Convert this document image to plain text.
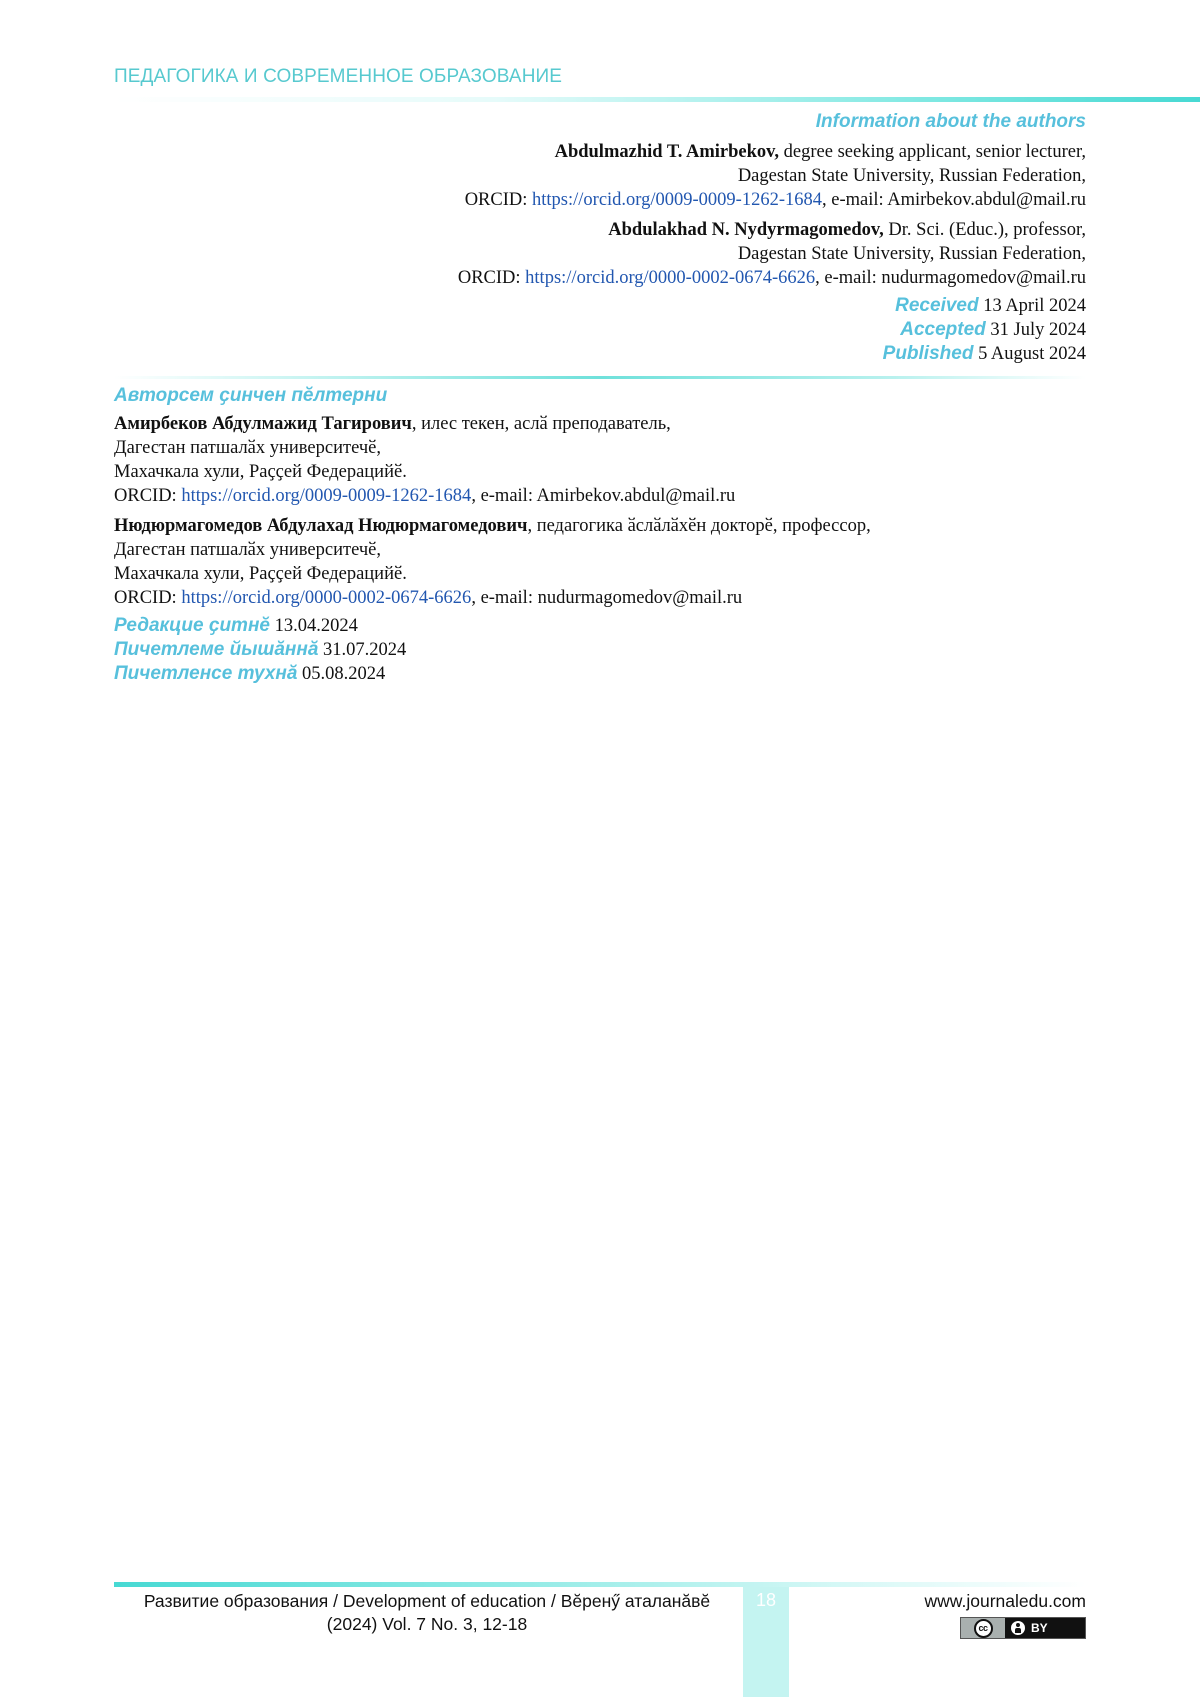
ПЕДАГОГИКА И СОВРЕМЕННОЕ ОБРАЗОВАНИЕ
Information about the authors
Abdulmazhid T. Amirbekov, degree seeking applicant, senior lecturer,
Dagestan State University, Russian Federation,
ORCID: https://orcid.org/0009-0009-1262-1684, e-mail: Amirbekov.abdul@mail.ru
Abdulakhad N. Nydyrmagomedov, Dr. Sci. (Educ.), professor,
Dagestan State University, Russian Federation,
ORCID: https://orcid.org/0000-0002-0674-6626, e-mail: nudurmagomedov@mail.ru
Received 13 April 2024
Accepted 31 July 2024
Published 5 August 2024
Авторсем ҫинчен пӗлтерни
Амирбеков Абдулмажид Тагирович, илес текен, аслӑ преподаватель,
Дагестан патшалӑх университечӗ,
Махачкала хули, Раҫҫей Федерацийӗ.
ORCID: https://orcid.org/0009-0009-1262-1684, e-mail: Amirbekov.abdul@mail.ru
Нюдюрмагомедов Абдулахад Нюдюрмагомедович, педагогика ӑслӑлӑхӗн докторӗ, профессор,
Дагестан патшалӑх университечӗ,
Махачкала хули, Раҫҫей Федерацийӗ.
ORCID: https://orcid.org/0000-0002-0674-6626, e-mail: nudurmagomedov@mail.ru
Редакцие ҫитнӗ 13.04.2024
Пичетлеме йышӑннӑ 31.07.2024
Пичетленсе тухнӑ 05.08.2024
Развитие образования / Development of education / Вӗренӳ аталанӑвӗ
(2024) Vol. 7 No. 3, 12-18
18	www.journaledu.com
cc	BY
